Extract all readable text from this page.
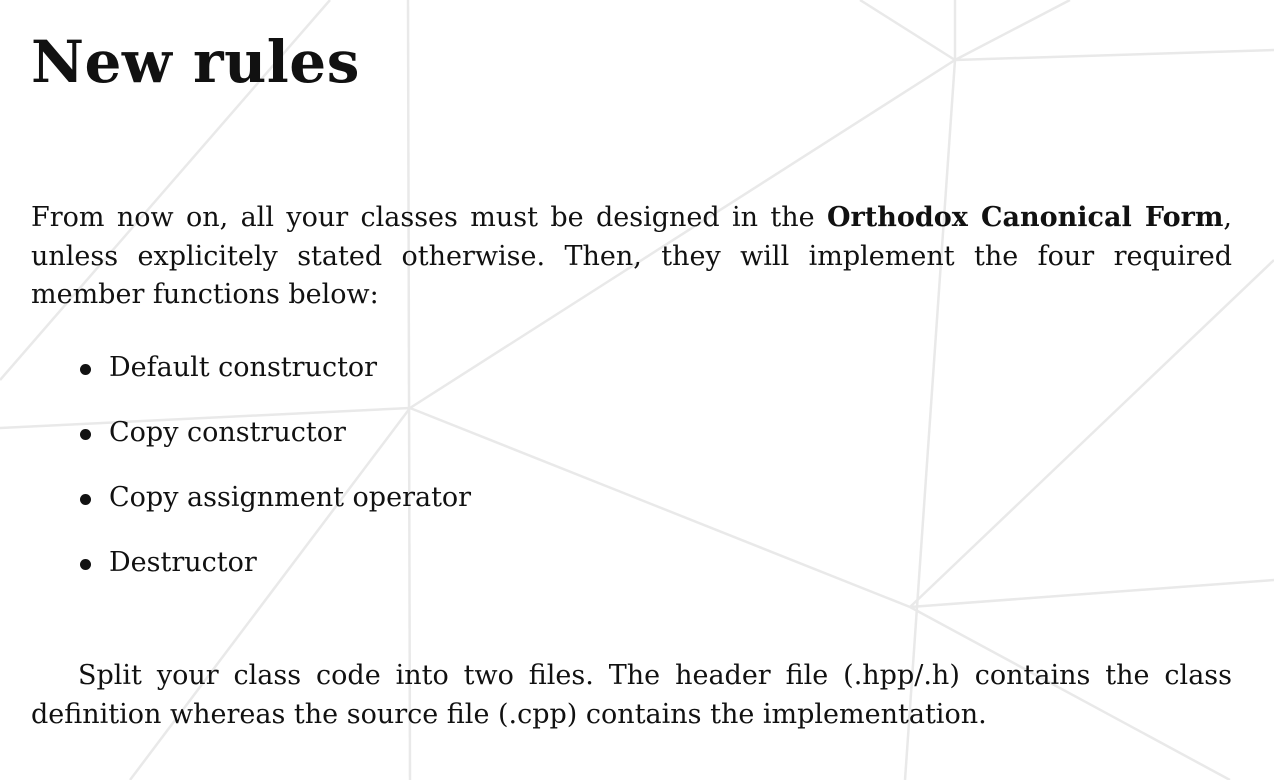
New rules

From now on, all your classes must be designed in the Orthodox Canonical Form, unless explicitely stated otherwise. Then, they will implement the four required member functions below:

Default constructor
Copy constructor
Copy assignment operator
Destructor

Split your class code into two files. The header file (.hpp/.h) contains the class definition whereas the source file (.cpp) contains the implementation.
